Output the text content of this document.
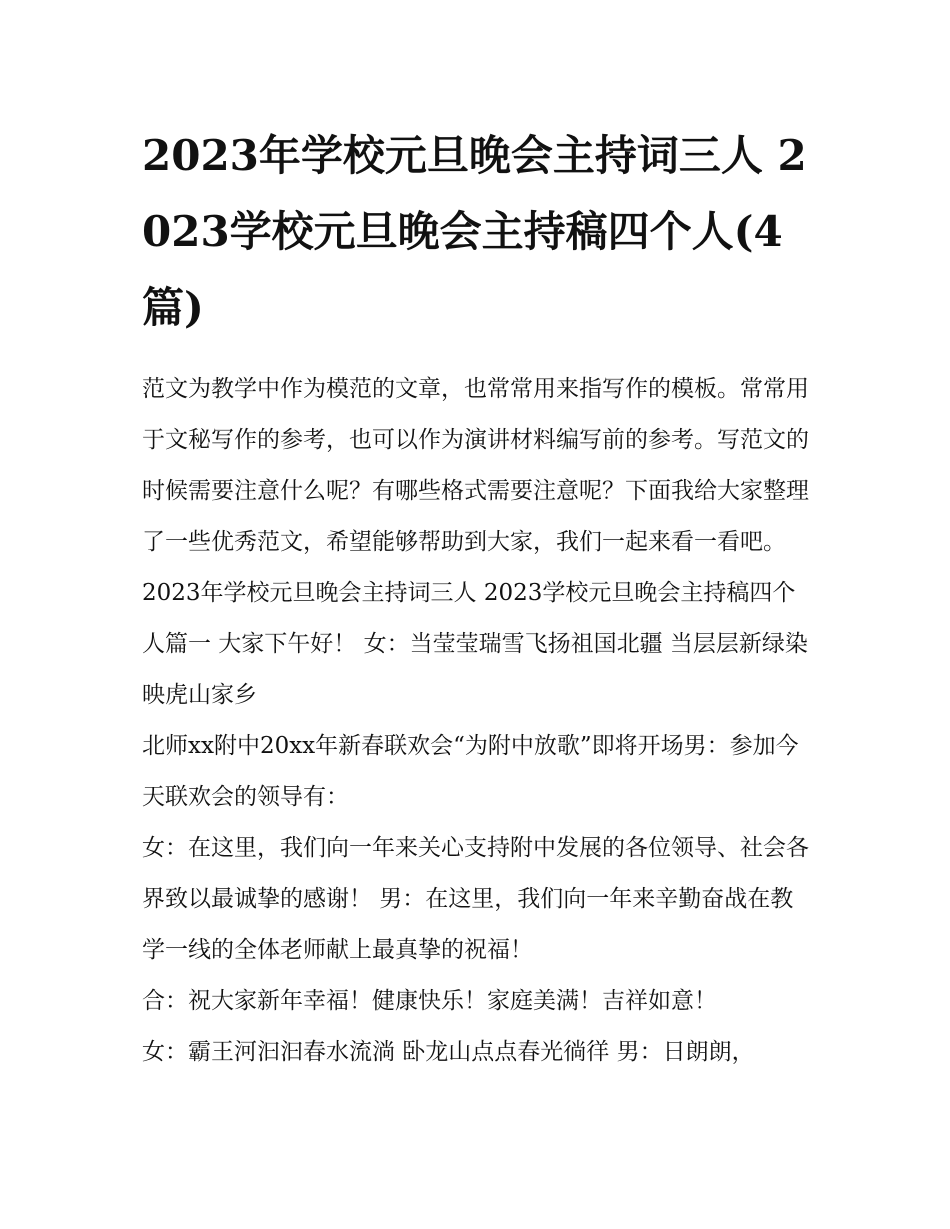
2023年学校元旦晚会主持词三人 2023学校元旦晚会主持稿四个人(4篇)

范文为教学中作为模范的文章，也常常用来指写作的模板。常常用于文秘写作的参考，也可以作为演讲材料编写前的参考。写范文的时候需要注意什么呢？有哪些格式需要注意呢？下面我给大家整理了一些优秀范文，希望能够帮助到大家，我们一起来看一看吧。

2023年学校元旦晚会主持词三人 2023学校元旦晚会主持稿四个人篇一 大家下午好！ 女：当莹莹瑞雪飞扬祖国北疆 当层层新绿染映虎山家乡

北师xx附中20xx年新春联欢会“为附中放歌”即将开场男：参加今天联欢会的领导有：

女：在这里，我们向一年来关心支持附中发展的各位领导、社会各界致以最诚挚的感谢！ 男：在这里，我们向一年来辛勤奋战在教学一线的全体老师献上最真挚的祝福！

合：祝大家新年幸福！健康快乐！家庭美满！吉祥如意！

女：霸王河汩汩春水流淌 卧龙山点点春光徜徉 男：日朗朗，
